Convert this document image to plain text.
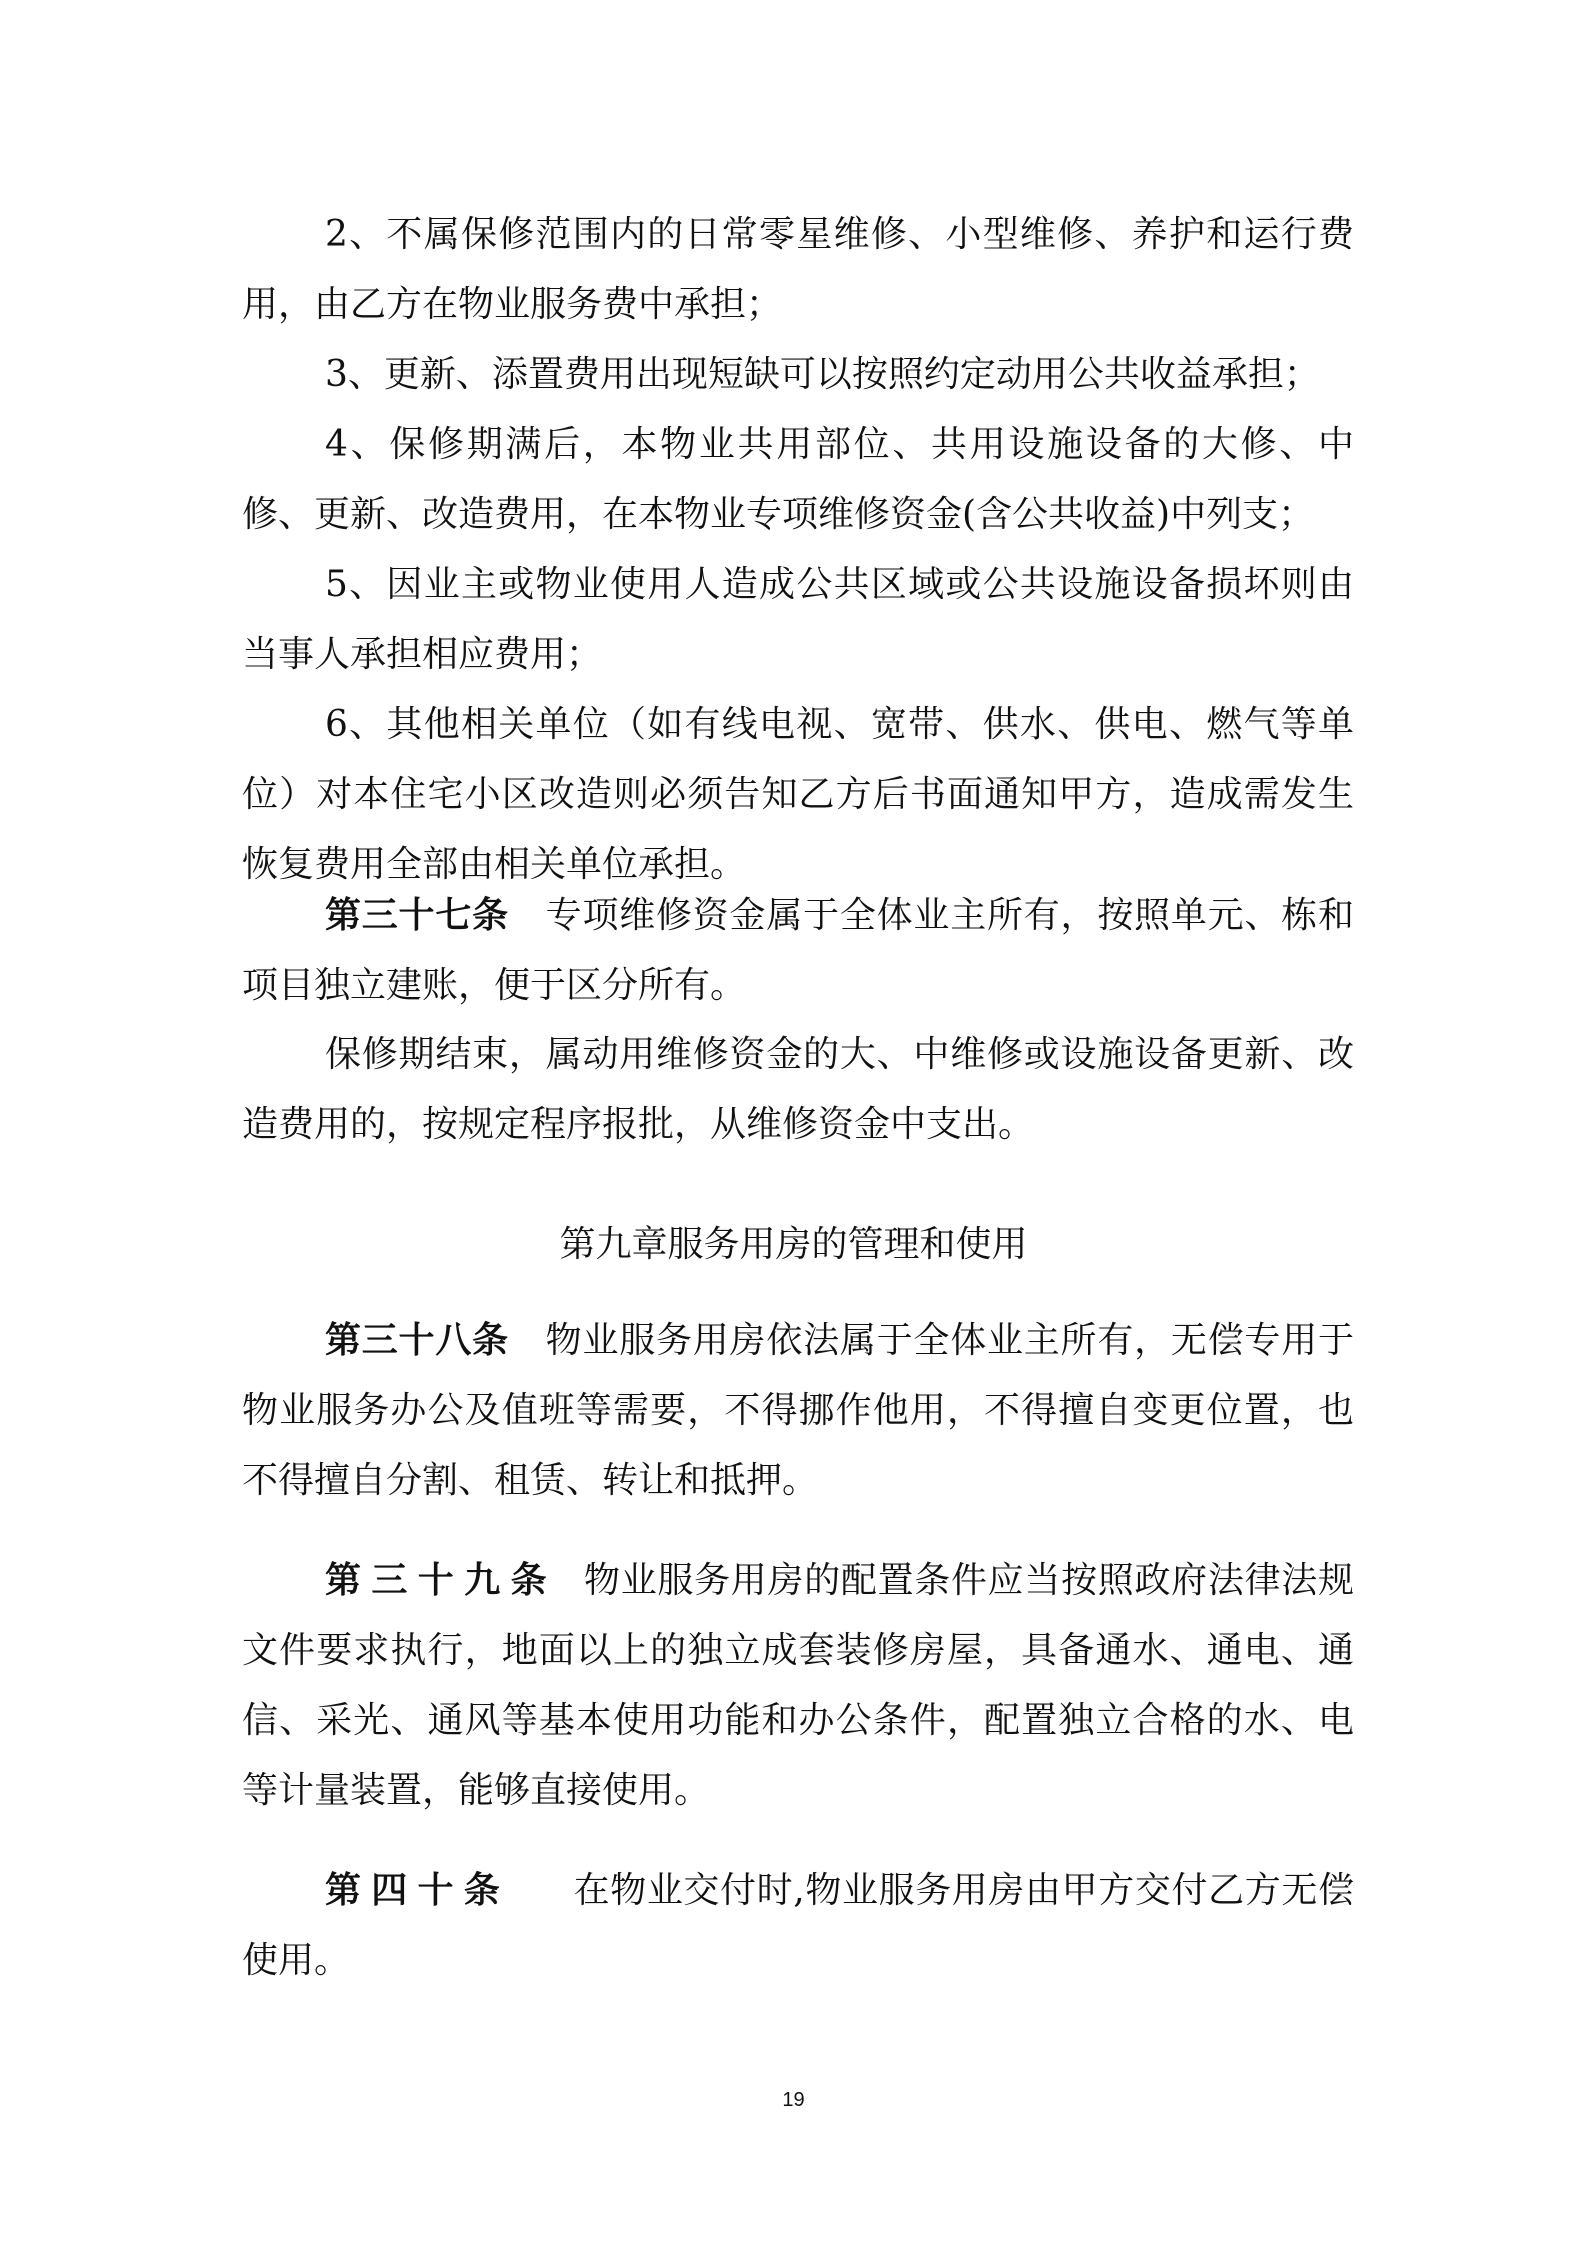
2、不属保修范围内的日常零星维修、小型维修、养护和运行费用，由乙方在物业服务费中承担；

3、更新、添置费用出现短缺可以按照约定动用公共收益承担；

4、保修期满后，本物业共用部位、共用设施设备的大修、中修、更新、改造费用，在本物业专项维修资金(含公共收益)中列支；

5、因业主或物业使用人造成公共区域或公共设施设备损坏则由当事人承担相应费用；

6、其他相关单位（如有线电视、宽带、供水、供电、燃气等单位）对本住宅小区改造则必须告知乙方后书面通知甲方，造成需发生恢复费用全部由相关单位承担。

第三十七条　 专项维修资金属于全体业主所有，按照单元、栋和项目独立建账，便于区分所有。

保修期结束，属动用维修资金的大、中维修或设施设备更新、改造费用的，按规定程序报批，从维修资金中支出。

第九章服务用房的管理和使用

第三十八条　 物业服务用房依法属于全体业主所有，无偿专用于物业服务办公及值班等需要，不得挪作他用，不得擅自变更位置，也不得擅自分割、租赁、转让和抵押。

第 三 十 九 条　 物业服务用房的配置条件应当按照政府法律法规文件要求执行，地面以上的独立成套装修房屋，具备通水、通电、通信、采光、通风等基本使用功能和办公条件，配置独立合格的水、电等计量装置，能够直接使用。

第 四 十 条　　 在物业交付时,物业服务用房由甲方交付乙方无偿使用。

19
